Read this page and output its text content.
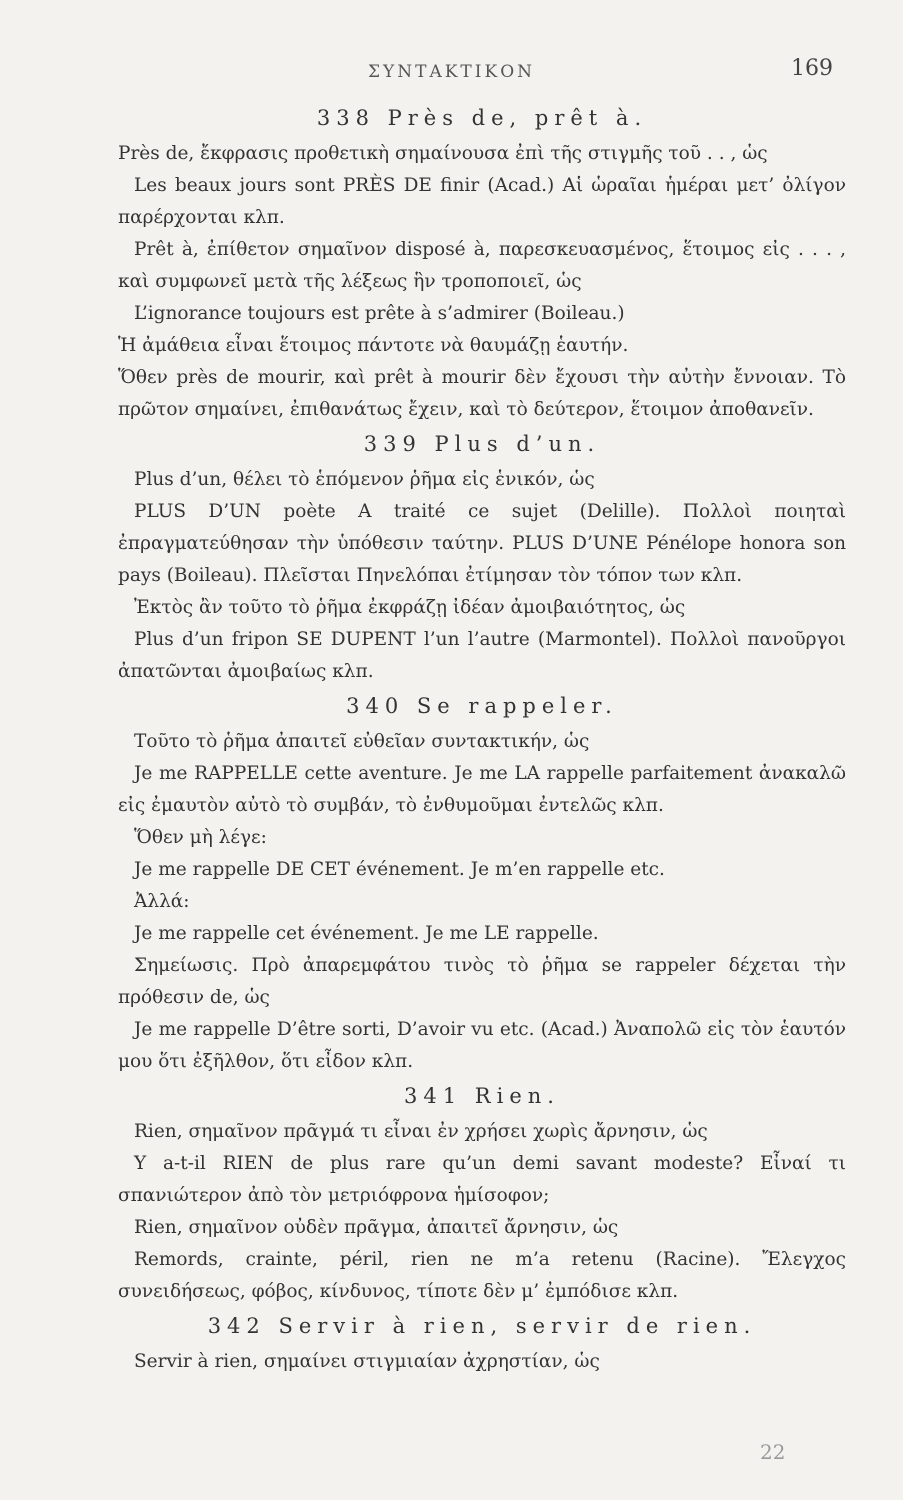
ΣΥΝΤΑΚΤΙΚΟΝ	169
338 Près de, prêt à.

Près de, ἔκφρασις προθετικὴ σημαίνουσα ἐπὶ τῆς στιγμῆς τοῦ . . , ὡς

Les beaux jours sont PRÈS DE finir (Acad.) Αἱ ὡραῖαι ἡμέραι μετ’ ὀλίγον παρέρχονται κλπ.

Prêt à, ἐπίθετον σημαῖνον disposé à, παρεσκευασμένος, ἕτοιμος εἰς . . . , καὶ συμφωνεῖ μετὰ τῆς λέξεως ἣν τροποποιεῖ, ὡς

L’ignorance toujours est prête à s’admirer (Boileau.)

Ἡ ἀμάθεια εἶναι ἕτοιμος πάντοτε νὰ θαυμάζῃ ἑαυτήν.

Ὅθεν près de mourir, καὶ prêt à mourir δὲν ἔχουσι τὴν αὐτὴν ἔννοιαν. Τὸ πρῶτον σημαίνει, ἐπιθανάτως ἔχειν, καὶ τὸ δεύτερον, ἕτοιμον ἀποθανεῖν.

339 Plus d’un.

Plus d’un, θέλει τὸ ἑπόμενον ῥῆμα εἰς ἑνικόν, ὡς

PLUS D’UN poète A traité ce sujet (Delille). Πολλοὶ ποιηταὶ ἐπραγματεύθησαν τὴν ὑπόθεσιν ταύτην. PLUS D’UNE Pénélope honora son pays (Boileau). Πλεῖσται Πηνελόπαι ἐτίμησαν τὸν τόπον των κλπ.

Ἐκτὸς ἂν τοῦτο τὸ ῥῆμα ἐκφράζῃ ἰδέαν ἀμοιβαιότητος, ὡς

Plus d’un fripon SE DUPENT l’un l’autre (Marmontel). Πολλοὶ πανοῦργοι ἀπατῶνται ἀμοιβαίως κλπ.

340 Se rappeler.

Τοῦτο τὸ ῥῆμα ἀπαιτεῖ εὐθεῖαν συντακτικήν, ὡς

Je me RAPPELLE cette aventure. Je me LA rappelle parfaitement ἀνακαλῶ εἰς ἐμαυτὸν αὐτὸ τὸ συμβάν, τὸ ἐνθυμοῦμαι ἐντελῶς κλπ.

Ὅθεν μὴ λέγε:

Je me rappelle DE CET événement. Je m’en rappelle etc.

Ἀλλά:

Je me rappelle cet événement. Je me LE rappelle.

Σημείωσις. Πρὸ ἀπαρεμφάτου τινὸς τὸ ῥῆμα se rappeler δέχεται τὴν πρόθεσιν de, ὡς

Je me rappelle D’être sorti, D’avoir vu etc. (Acad.) Ἀναπολῶ εἰς τὸν ἑαυτόν μου ὅτι ἐξῆλθον, ὅτι εἶδον κλπ.

341 Rien.

Rien, σημαῖνον πρᾶγμά τι εἶναι ἐν χρήσει χωρὶς ἄρνησιν, ὡς

Y a-t-il RIEN de plus rare qu’un demi savant modeste? Εἶναί τι σπανιώτερον ἀπὸ τὸν μετριόφρονα ἡμίσοφον;

Rien, σημαῖνον οὐδὲν πρᾶγμα, ἀπαιτεῖ ἄρνησιν, ὡς

Remords, crainte, péril, rien ne m’a retenu (Racine). Ἔλεγχος συνειδήσεως, φόβος, κίνδυνος, τίποτε δὲν μ’ ἐμπόδισε κλπ.

342 Servir à rien, servir de rien.

Servir à rien, σημαίνει στιγμιαίαν ἀχρηστίαν, ὡς

22
